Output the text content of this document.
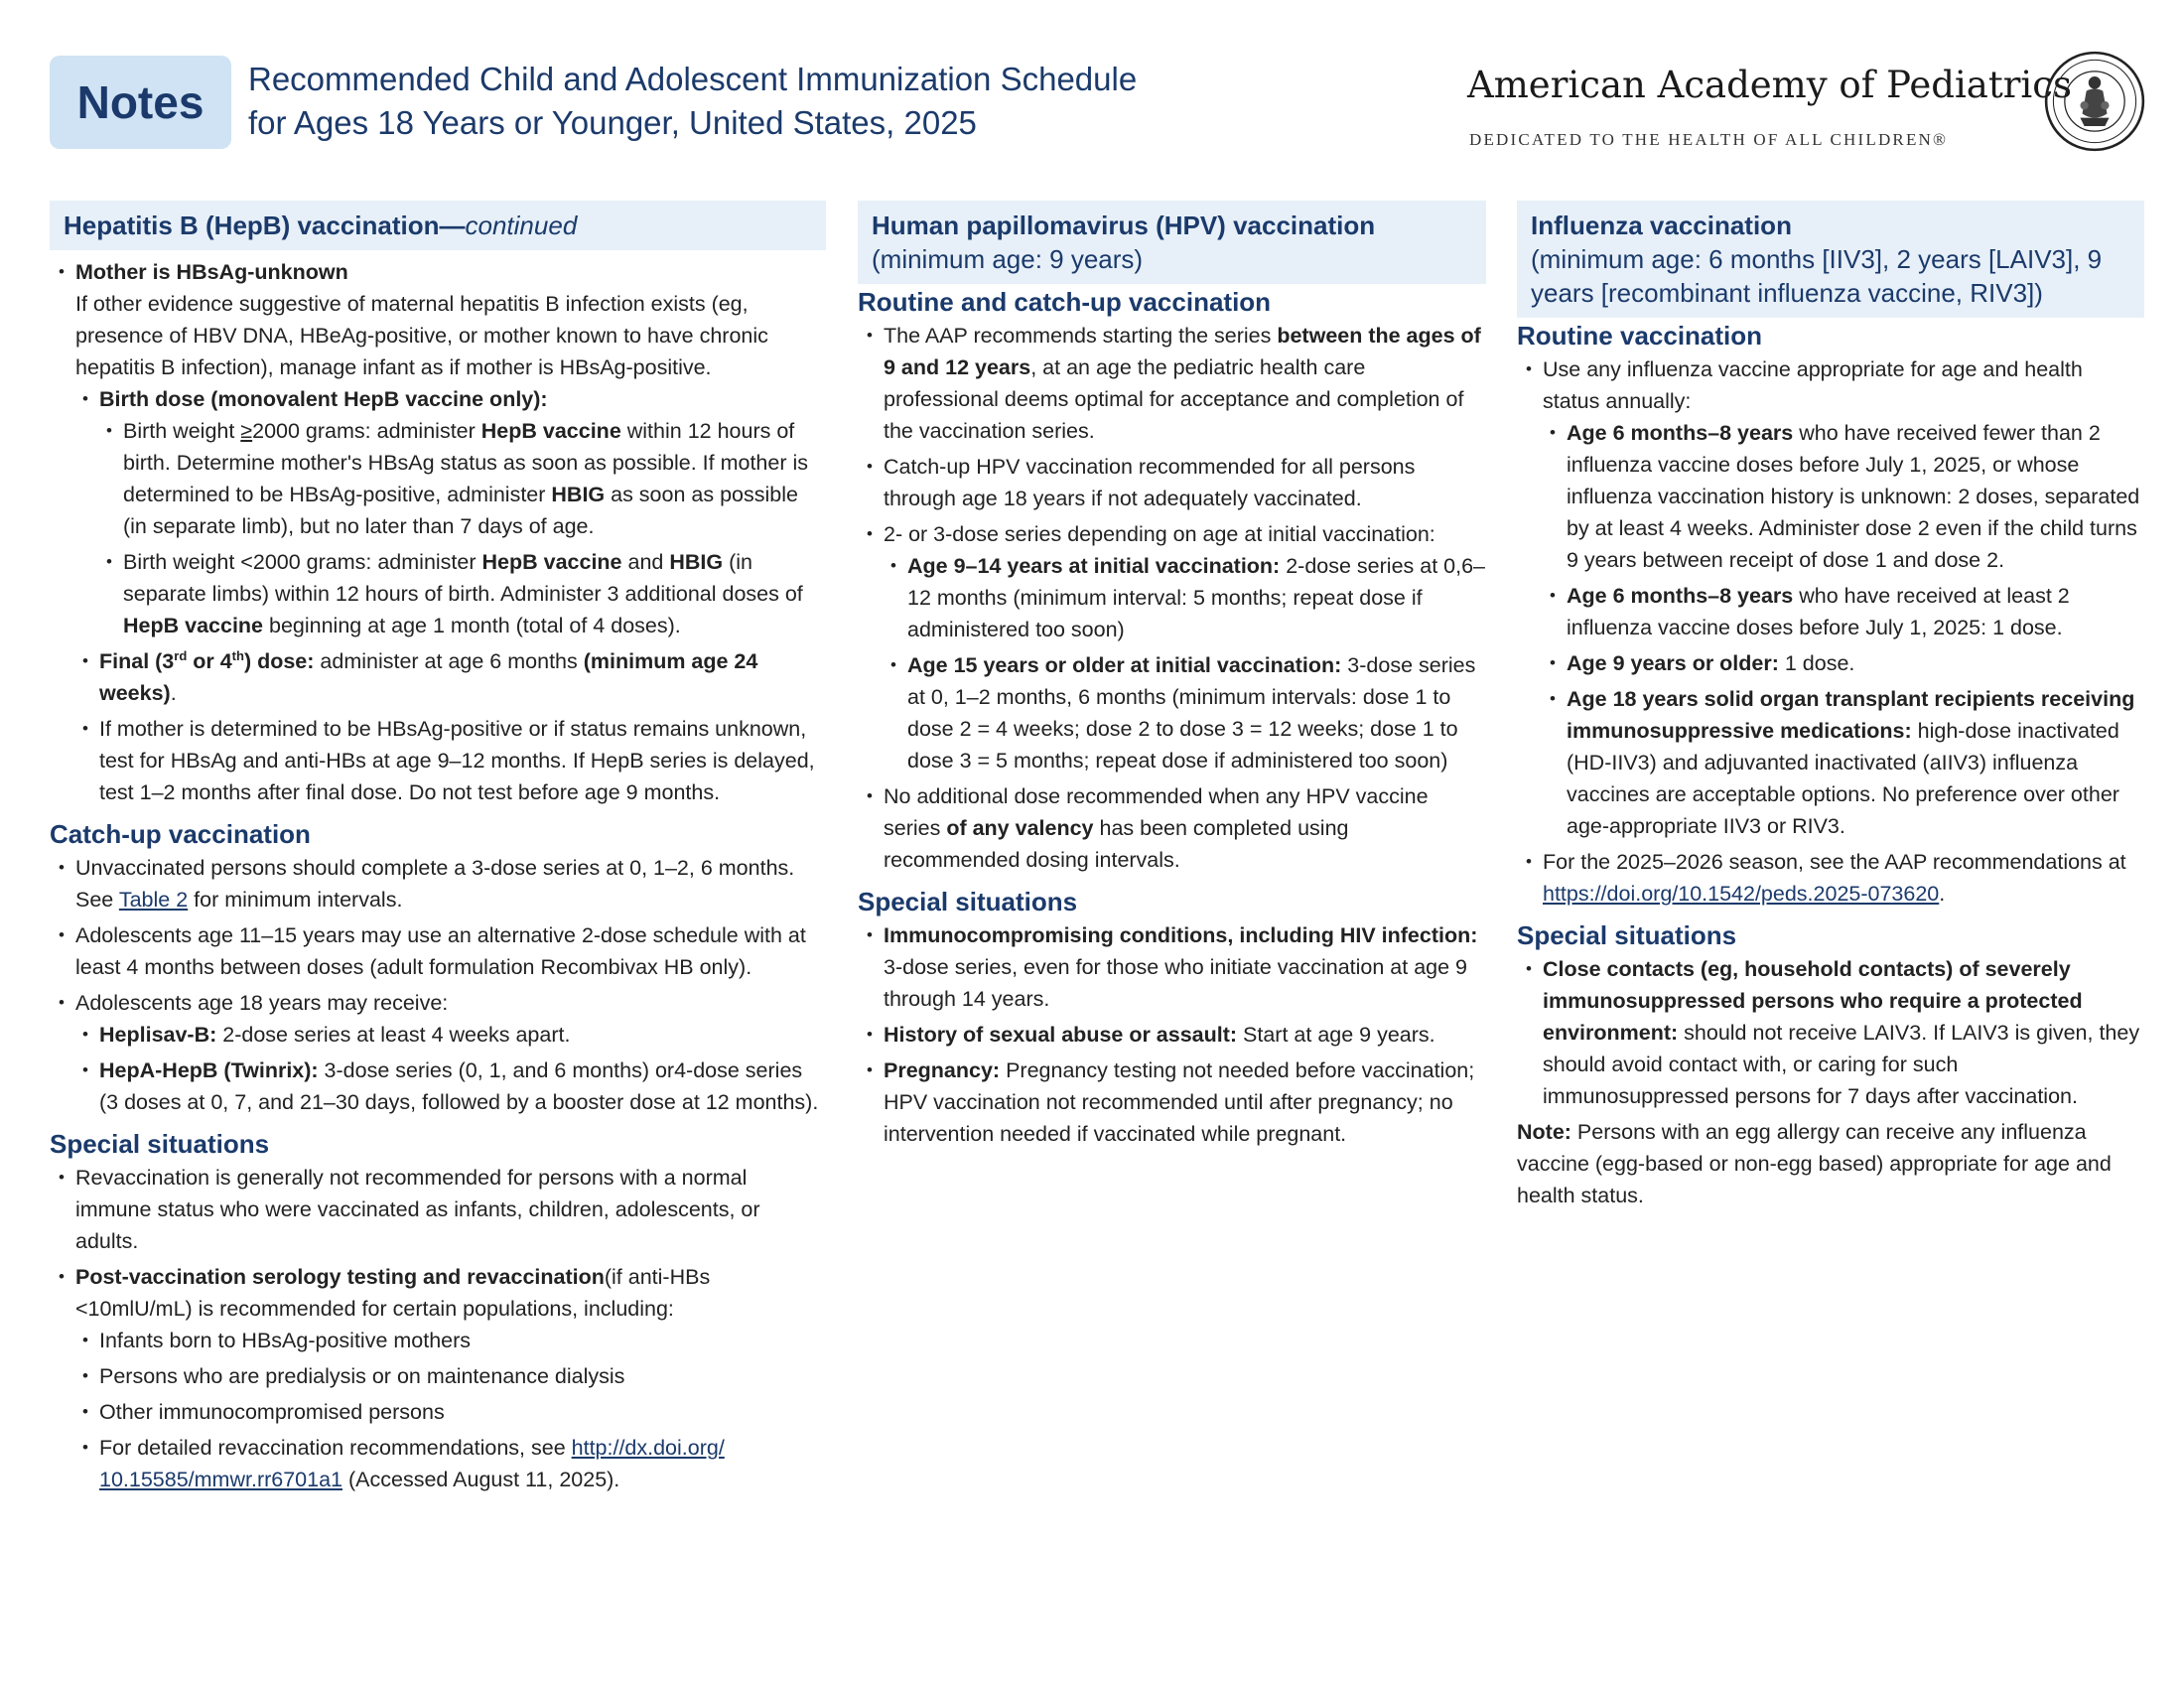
Notes	Recommended Child and Adolescent Immunization Schedule
for Ages 18 Years or Younger, United States, 2025
American Academy of Pediatrics
DEDICATED TO THE HEALTH OF ALL CHILDREN®
Hepatitis B (HepB) vaccination—continued
• Mother is HBsAg-unknown
If other evidence suggestive of maternal hepatitis B infection exists (eg, presence of HBV DNA, HBeAg-positive, or mother known to have chronic hepatitis B infection), manage infant as if mother is HBsAg-positive.
• Birth dose (monovalent HepB vaccine only):
• Birth weight ≥2000 grams: administer HepB vaccine within 12 hours of birth. Determine mother's HBsAg status as soon as possible. If mother is determined to be HBsAg-positive, administer HBIG as soon as possible (in separate limb), but no later than 7 days of age.
• Birth weight <2000 grams: administer HepB vaccine and HBIG (in separate limbs) within 12 hours of birth. Administer 3 additional doses of HepB vaccine beginning at age 1 month (total of 4 doses).
• Final (3rd or 4th) dose: administer at age 6 months (minimum age 24 weeks).
• If mother is determined to be HBsAg-positive or if status remains unknown, test for HBsAg and anti-HBs at age 9–12 months. If HepB series is delayed, test 1–2 months after final dose. Do not test before age 9 months.
Catch-up vaccination
• Unvaccinated persons should complete a 3-dose series at 0, 1–2, 6 months. See Table 2 for minimum intervals.
• Adolescents age 11–15 years may use an alternative 2-dose schedule with at least 4 months between doses (adult formulation Recombivax HB only).
• Adolescents age 18 years may receive:
• Heplisav-B: 2-dose series at least 4 weeks apart.
• HepA-HepB (Twinrix): 3-dose series (0, 1, and 6 months) or4-dose series (3 doses at 0, 7, and 21–30 days, followed by a booster dose at 12 months).
Special situations
• Revaccination is generally not recommended for persons with a normal immune status who were vaccinated as infants, children, adolescents, or adults.
• Post-vaccination serology testing and revaccination(if anti-HBs <10mlU/mL) is recommended for certain populations, including:
• Infants born to HBsAg-positive mothers
• Persons who are predialysis or on maintenance dialysis
• Other immunocompromised persons
• For detailed revaccination recommendations, see http://dx.doi.org/ 10.15585/mmwr.rr6701a1 (Accessed August 11, 2025).
Human papillomavirus (HPV) vaccination
(minimum age: 9 years)
Routine and catch-up vaccination
• The AAP recommends starting the series between the ages of 9 and 12 years, at an age the pediatric health care professional deems optimal for acceptance and completion of the vaccination series.
• Catch-up HPV vaccination recommended for all persons through age 18 years if not adequately vaccinated.
• 2- or 3-dose series depending on age at initial vaccination:
• Age 9–14 years at initial vaccination: 2-dose series at 0,6–12 months (minimum interval: 5 months; repeat dose if administered too soon)
• Age 15 years or older at initial vaccination: 3-dose series at 0, 1–2 months, 6 months (minimum intervals: dose 1 to dose 2 = 4 weeks; dose 2 to dose 3 = 12 weeks; dose 1 to dose 3 = 5 months; repeat dose if administered too soon)
• No additional dose recommended when any HPV vaccine series of any valency has been completed using recommended dosing intervals.
Special situations
• Immunocompromising conditions, including HIV infection: 3-dose series, even for those who initiate vaccination at age 9 through 14 years.
• History of sexual abuse or assault: Start at age 9 years.
• Pregnancy: Pregnancy testing not needed before vaccination; HPV vaccination not recommended until after pregnancy; no intervention needed if vaccinated while pregnant.
Influenza vaccination
(minimum age: 6 months [IIV3], 2 years [LAIV3], 9 years [recombinant influenza vaccine, RIV3])
Routine vaccination
• Use any influenza vaccine appropriate for age and health status annually:
• Age 6 months–8 years who have received fewer than 2 influenza vaccine doses before July 1, 2025, or whose influenza vaccination history is unknown: 2 doses, separated by at least 4 weeks. Administer dose 2 even if the child turns 9 years between receipt of dose 1 and dose 2.
• Age 6 months–8 years who have received at least 2 influenza vaccine doses before July 1, 2025: 1 dose.
• Age 9 years or older: 1 dose.
• Age 18 years solid organ transplant recipients receiving immunosuppressive medications: high-dose inactivated (HD-IIV3) and adjuvanted inactivated (aIIV3) influenza vaccines are acceptable options. No preference over other age-appropriate IIV3 or RIV3.
• For the 2025–2026 season, see the AAP recommendations at https://doi.org/10.1542/peds.2025-073620.
Special situations
• Close contacts (eg, household contacts) of severely immunosuppressed persons who require a protected environment: should not receive LAIV3. If LAIV3 is given, they should avoid contact with, or caring for such immunosuppressed persons for 7 days after vaccination.

Note: Persons with an egg allergy can receive any influenza vaccine (egg-based or non-egg based) appropriate for age and health status.
